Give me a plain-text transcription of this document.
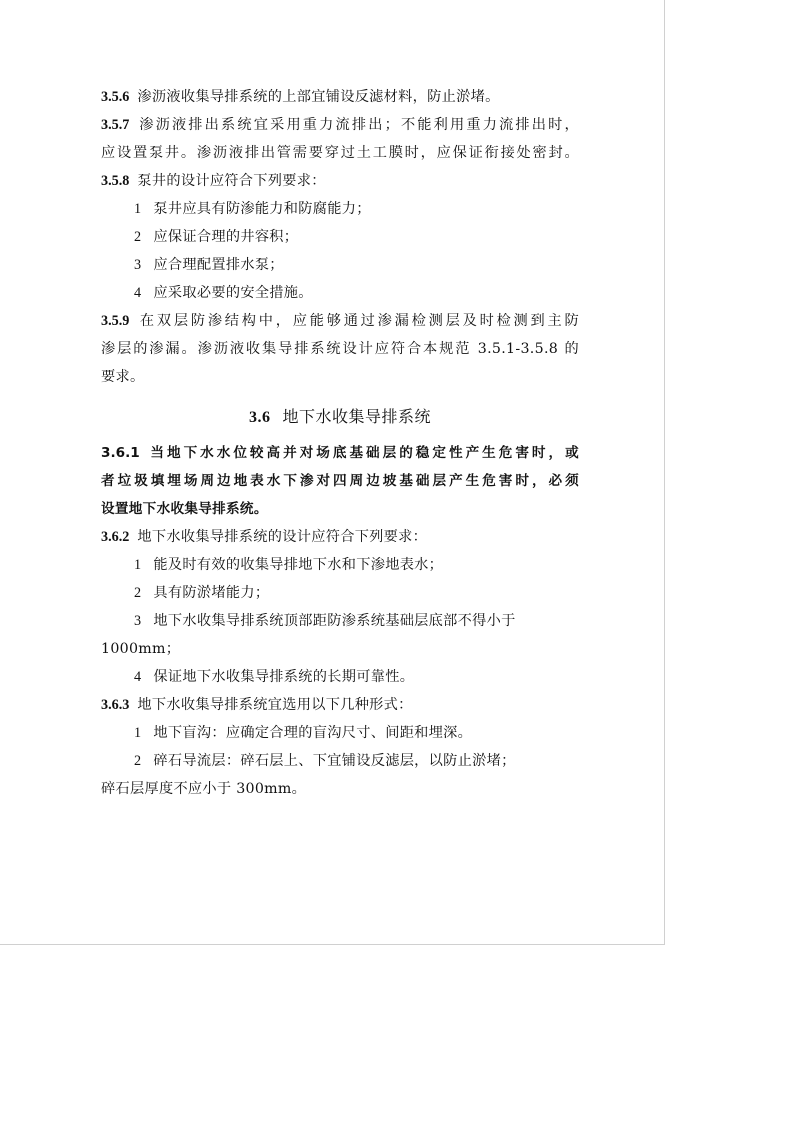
3.5.6 渗沥液收集导排系统的上部宜铺设反滤材料，防止淤堵。
3.5.7 渗沥液排出系统宜采用重力流排出；不能利用重力流排出时，
应设置泵井。渗沥液排出管需要穿过土工膜时，应保证衔接处密封。
3.5.8 泵井的设计应符合下列要求：
1 泵井应具有防渗能力和防腐能力；
2 应保证合理的井容积；
3 应合理配置排水泵；
4 应采取必要的安全措施。
3.5.9 在双层防渗结构中，应能够通过渗漏检测层及时检测到主防
渗层的渗漏。渗沥液收集导排系统设计应符合本规范 3.5.1-3.5.8 的
要求。
3.6 地下水收集导排系统
3.6.1 当地下水水位较高并对场底基础层的稳定性产生危害时，或
者垃圾填埋场周边地表水下渗对四周边坡基础层产生危害时，必须
设置地下水收集导排系统。
3.6.2 地下水收集导排系统的设计应符合下列要求：
1 能及时有效的收集导排地下水和下渗地表水；
2 具有防淤堵能力；
3 地下水收集导排系统顶部距防渗系统基础层底部不得小于
1000mm；
4 保证地下水收集导排系统的长期可靠性。
3.6.3 地下水收集导排系统宜选用以下几种形式：
1 地下盲沟：应确定合理的盲沟尺寸、间距和埋深。
2 碎石导流层：碎石层上、下宜铺设反滤层，以防止淤堵；
碎石层厚度不应小于 300mm。
